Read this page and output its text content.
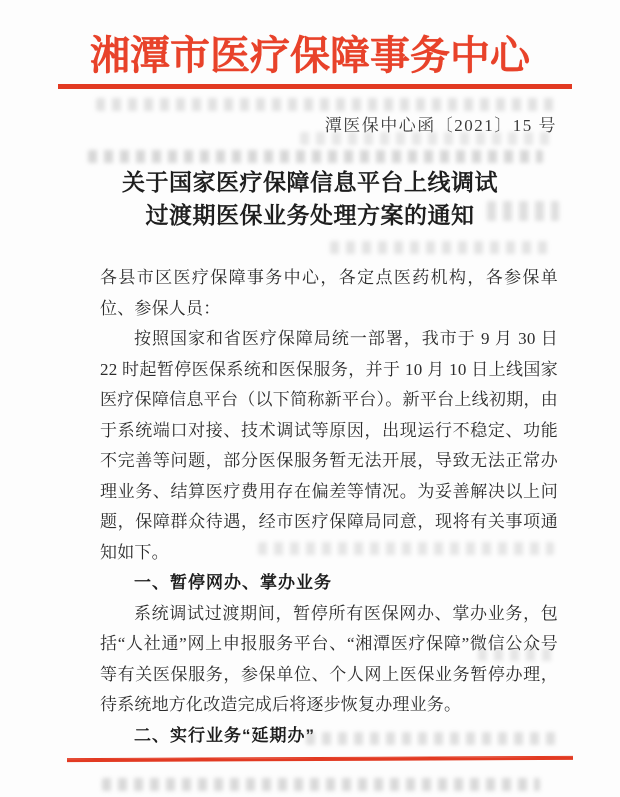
湘潭市医疗保障事务中心
潭医保中心函〔2021〕15 号
关于国家医疗保障信息平台上线调试
过渡期医保业务处理方案的通知

各县市区医疗保障事务中心，各定点医药机构，各参保单位、参保人员：

按照国家和省医疗保障局统一部署，我市于 9 月 30 日 22 时起暂停医保系统和医保服务，并于 10 月 10 日上线国家医疗保障信息平台（以下简称新平台）。新平台上线初期，由于系统端口对接、技术调试等原因，出现运行不稳定、功能不完善等问题，部分医保服务暂无法开展，导致无法正常办理业务、结算医疗费用存在偏差等情况。为妥善解决以上问题，保障群众待遇，经市医疗保障局同意，现将有关事项通知如下。

一、暂停网办、掌办业务

系统调试过渡期间，暂停所有医保网办、掌办业务，包括“人社通”网上申报服务平台、“湘潭医疗保障”微信公众号等有关医保服务，参保单位、个人网上医保业务暂停办理，待系统地方化改造完成后将逐步恢复办理业务。

二、实行业务“延期办”
